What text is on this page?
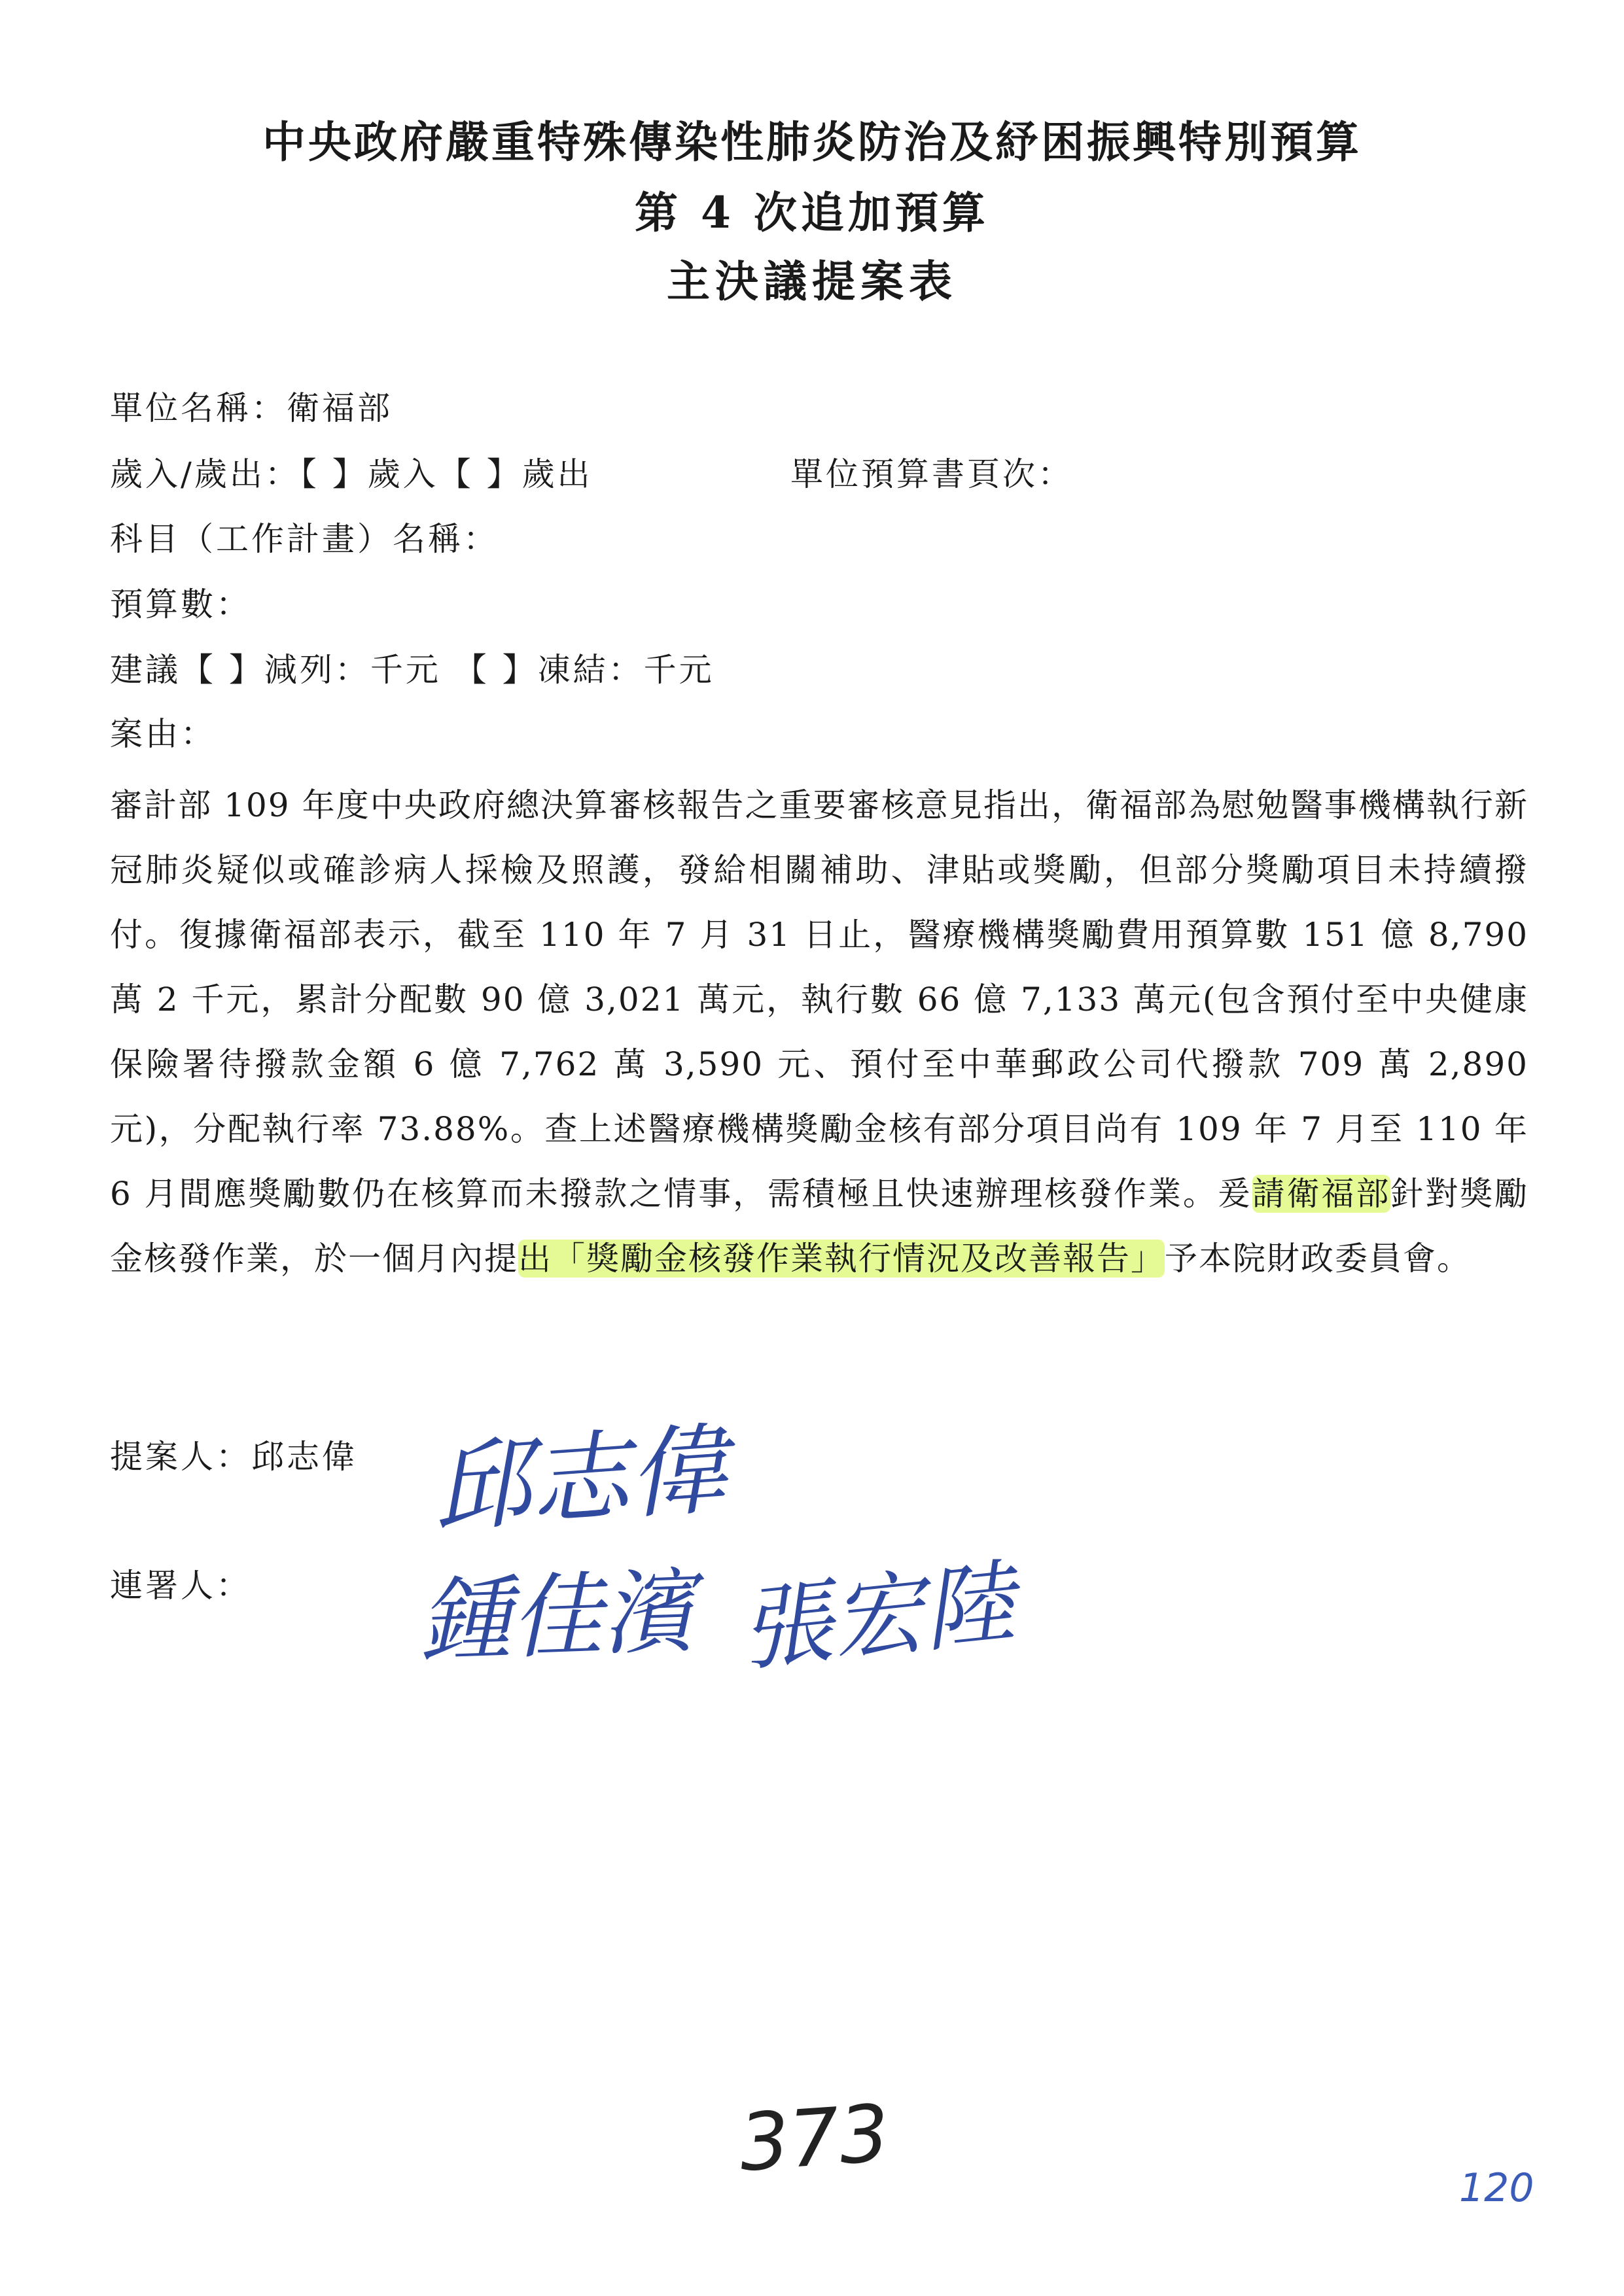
中央政府嚴重特殊傳染性肺炎防治及紓困振興特別預算
第 4 次追加預算
主決議提案表
單位名稱：衛福部
歲入/歲出：【 】歲入【 】歲出	單位預算書頁次：
科目（工作計畫）名稱：
預算數：
建議【 】減列：千元 【 】凍結：千元
案由：
審計部 109 年度中央政府總決算審核報告之重要審核意見指出，衛福部為慰勉醫事機構執行新冠肺炎疑似或確診病人採檢及照護，發給相關補助、津貼或獎勵，但部分獎勵項目未持續撥付。復據衛福部表示，截至 110 年 7 月 31 日止，醫療機構獎勵費用預算數 151 億 8,790 萬 2 千元，累計分配數 90 億 3,021 萬元，執行數 66 億 7,133 萬元(包含預付至中央健康保險署待撥款金額 6 億 7,762 萬 3,590 元、預付至中華郵政公司代撥款 709 萬 2,890 元)，分配執行率 73.88%。查上述醫療機構獎勵金核有部分項目尚有 109 年 7 月至 110 年 6 月間應獎勵數仍在核算而未撥款之情事，需積極且快速辦理核發作業。爰請衛福部針對獎勵金核發作業，於一個月內提出「獎勵金核發作業執行情況及改善報告」予本院財政委員會。
提案人：邱志偉 邱志偉
連署人： 鍾佳濱 張宏陸
373	120
